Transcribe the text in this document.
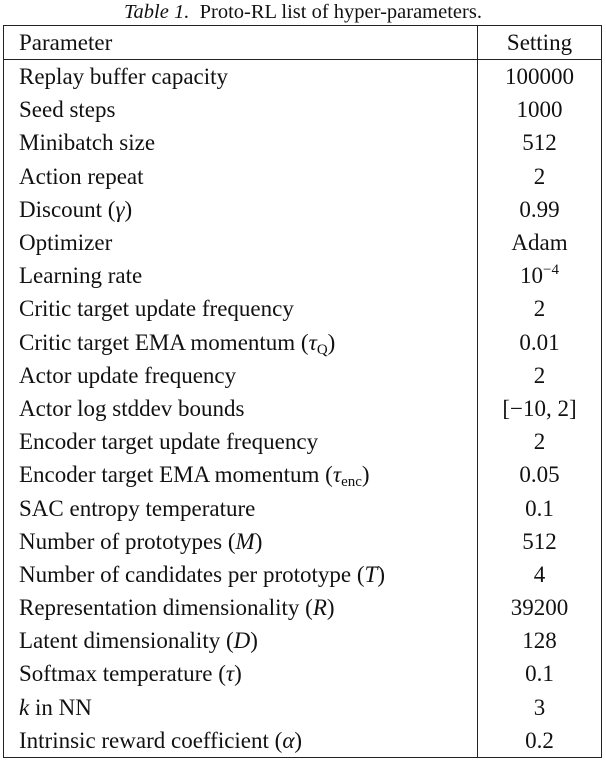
Table 1. Proto-RL list of hyper-parameters.
Parameter	Setting
Replay buffer capacity	100000
Seed steps	1000
Minibatch size	512
Action repeat	2
Discount (γ)	0.99
Optimizer	Adam
Learning rate	$10^{-4}$
Critic target update frequency	2
Critic target EMA momentum $(\tau_Q)$	0.01
Actor update frequency	2
Actor log stddev bounds	[−10, 2]
Encoder target update frequency	2
Encoder target EMA momentum $(\tau_{enc})$	0.05
SAC entropy temperature	0.1
Number of prototypes (M)	512
Number of candidates per prototype (T)	4
Representation dimensionality (R)	39200
Latent dimensionality (D)	128
Softmax temperature (τ)	0.1
k in NN	3
Intrinsic reward coefficient (α)	0.2
